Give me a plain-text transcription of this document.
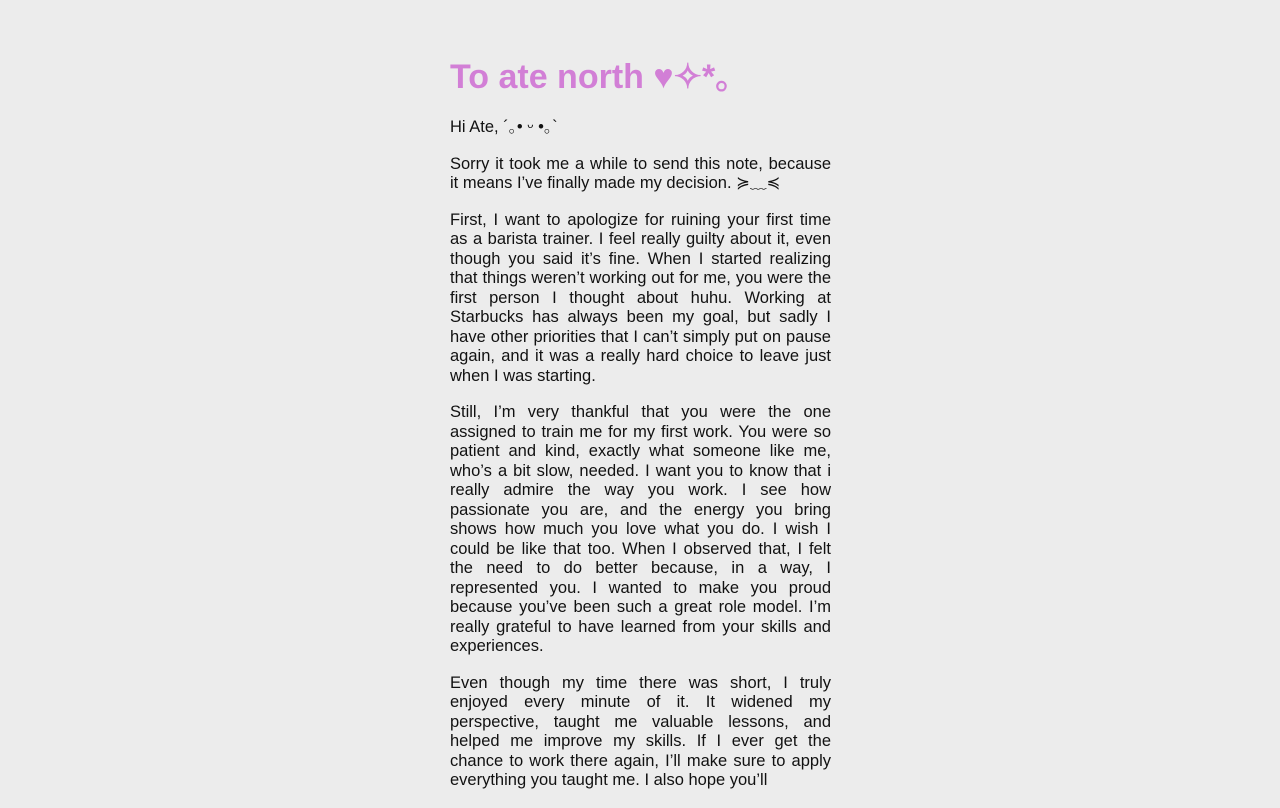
To ate north ♥✧*。

Hi Ate, ´｡• ᵕ •｡`

Sorry it took me a while to send this note, because it means I’ve finally made my decision. ≽﹏≼

First, I want to apologize for ruining your first time as a barista trainer. I feel really guilty about it, even though you said it’s fine. When I started realizing that things weren’t working out for me, you were the first person I thought about huhu. Working at Starbucks has always been my goal, but sadly I have other priorities that I can’t simply put on pause again, and it was a really hard choice to leave just when I was starting.

Still, I’m very thankful that you were the one assigned to train me for my first work. You were so patient and kind, exactly what someone like me, who’s a bit slow, needed. I want you to know that i really admire the way you work. I see how passionate you are, and the energy you bring shows how much you love what you do. I wish I could be like that too. When I observed that, I felt the need to do better because, in a way, I represented you. I wanted to make you proud because you’ve been such a great role model. I’m really grateful to have learned from your skills and experiences.

Even though my time there was short, I truly enjoyed every minute of it. It widened my perspective, taught me valuable lessons, and helped me improve my skills. If I ever get the chance to work there again, I’ll make sure to apply everything you taught me. I also hope you’ll
